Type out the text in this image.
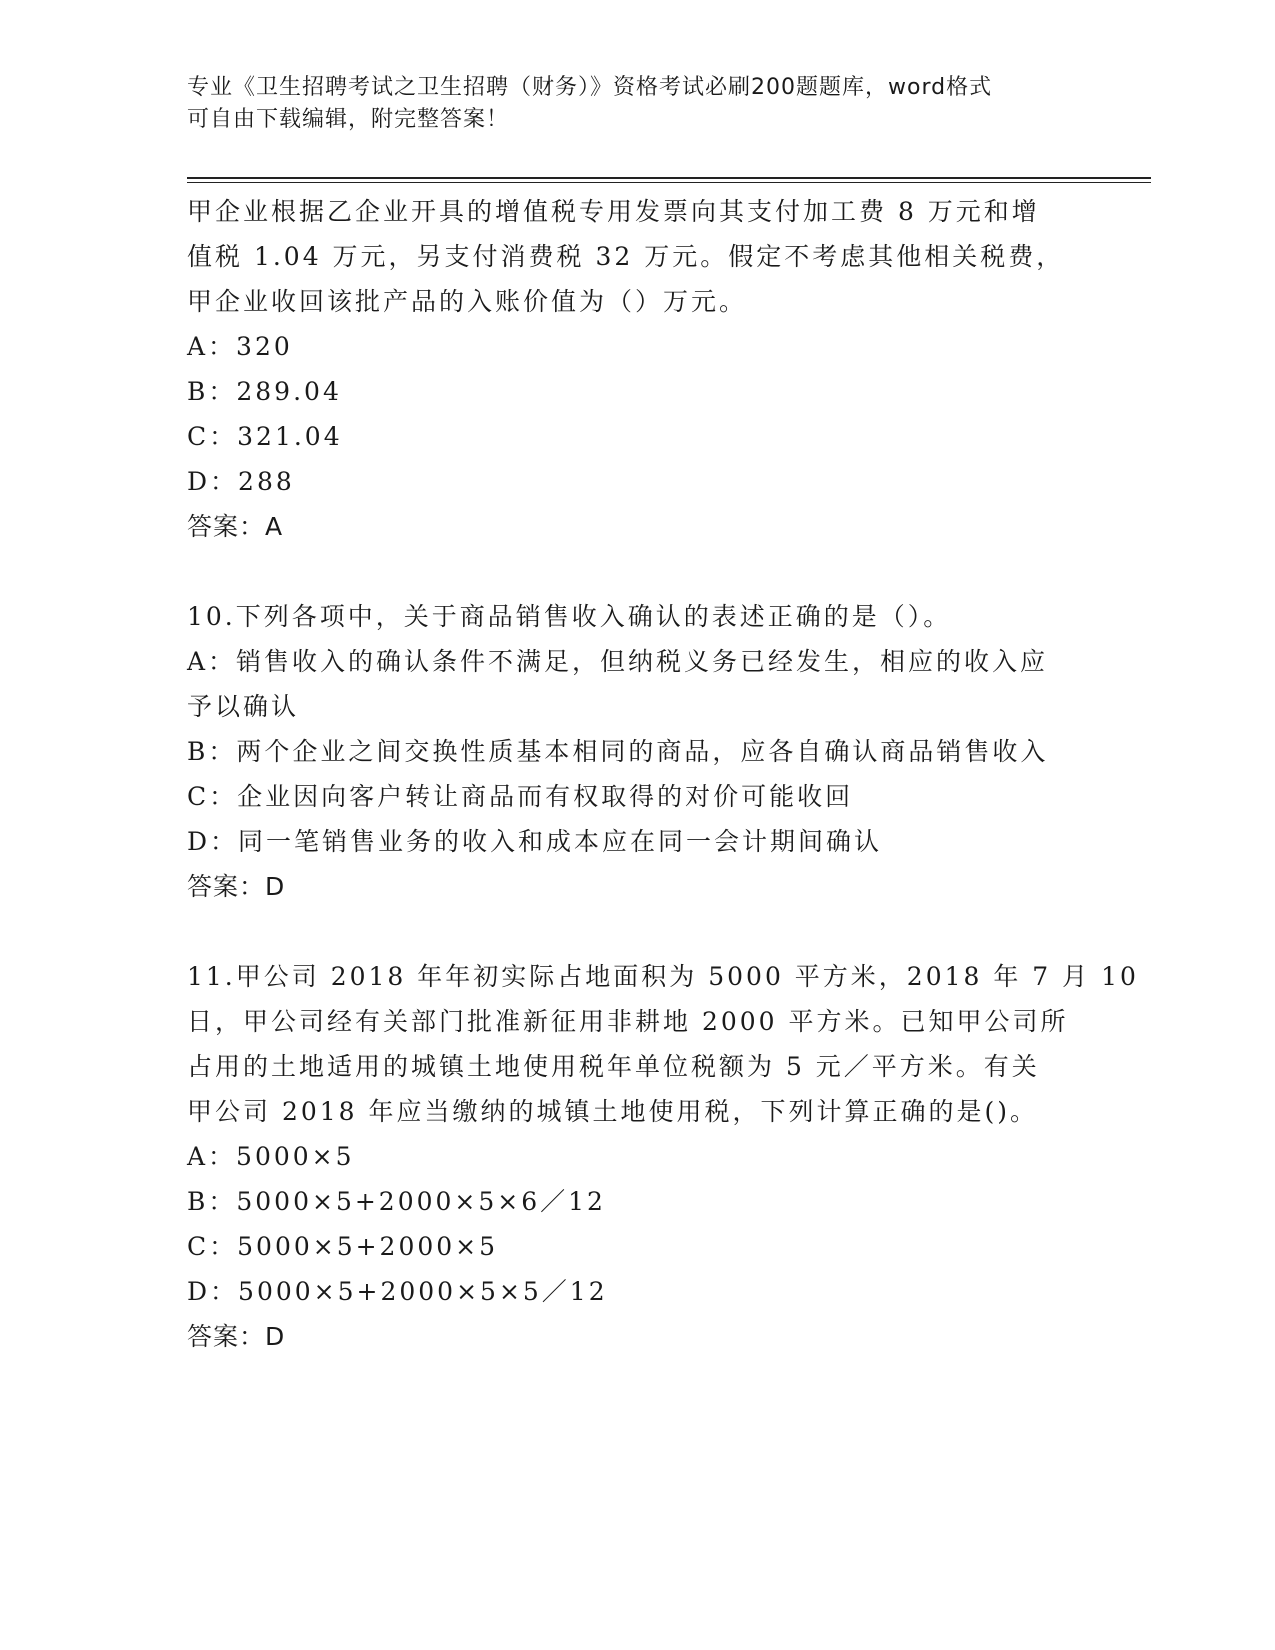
专业《卫生招聘考试之卫生招聘（财务）》资格考试必刷200题题库，word格式
可自由下载编辑，附完整答案！
甲企业根据乙企业开具的增值税专用发票向其支付加工费 8 万元和增
值税 1.04 万元，另支付消费税 32 万元。假定不考虑其他相关税费，
甲企业收回该批产品的入账价值为（）万元。
A：320
B：289.04
C：321.04
D：288
答案：A
10.下列各项中，关于商品销售收入确认的表述正确的是（）。
A：销售收入的确认条件不满足，但纳税义务已经发生，相应的收入应
予以确认
B：两个企业之间交换性质基本相同的商品，应各自确认商品销售收入
C：企业因向客户转让商品而有权取得的对价可能收回
D：同一笔销售业务的收入和成本应在同一会计期间确认
答案：D
11.甲公司 2018 年年初实际占地面积为 5000 平方米，2018 年 7 月 10
日，甲公司经有关部门批准新征用非耕地 2000 平方米。已知甲公司所
占用的土地适用的城镇土地使用税年单位税额为 5 元／平方米。有关
甲公司 2018 年应当缴纳的城镇土地使用税，下列计算正确的是()。
A：5000×5
B：5000×5+2000×5×6／12
C：5000×5+2000×5
D：5000×5+2000×5×5／12
答案：D
